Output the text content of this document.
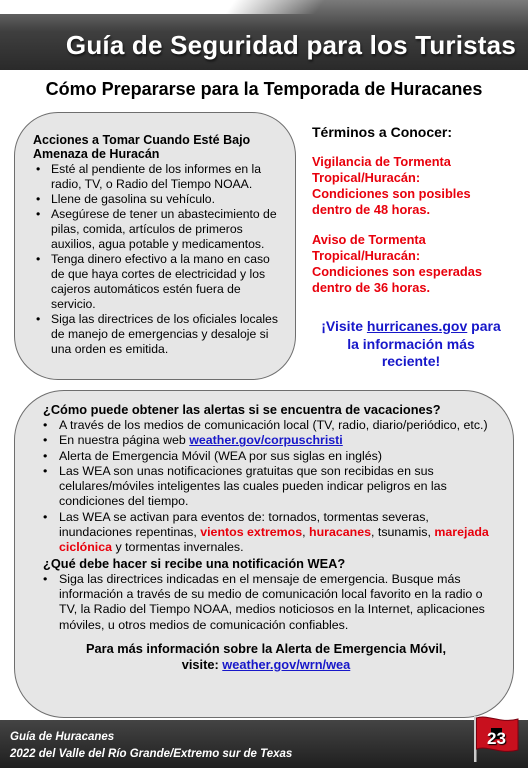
Guía de Seguridad para los Turistas
Cómo Prepararse para la Temporada de Huracanes
Acciones a Tomar Cuando Esté Bajo
Amenaza de Huracán
• Esté al pendiente de los informes en la radio, TV, o Radio del Tiempo NOAA.
• Llene de gasolina su vehículo.
• Asegúrese de tener un abastecimiento de pilas, comida, artículos de primeros auxilios, agua potable y medicamentos.
• Tenga dinero efectivo a la mano en caso de que haya cortes de electricidad y los cajeros automáticos estén fuera de servicio.
• Siga las directrices de los oficiales locales de manejo de emergencias y desaloje si una orden es emitida.
Términos a Conocer:
Vigilancia de Tormenta
Tropical/Huracán:
Condiciones son posibles
dentro de 48 horas.
Aviso de Tormenta
Tropical/Huracán:
Condiciones son esperadas
dentro de 36 horas.
¡Visite hurricanes.gov para
la información más
reciente!
¿Cómo puede obtener las alertas si se encuentra de vacaciones?
• A través de los medios de comunicación local (TV, radio, diario/periódico, etc.)
• En nuestra página web weather.gov/corpuschristi
• Alerta de Emergencia Móvil (WEA por sus siglas en inglés)
• Las WEA son unas notificaciones gratuitas que son recibidas en sus celulares/móviles inteligentes las cuales pueden indicar peligros en las condiciones del tiempo.
• Las WEA se activan para eventos de: tornados, tormentas severas, inundaciones repentinas, vientos extremos, huracanes, tsunamis, marejada ciclónica y tormentas invernales.
¿Qué debe hacer si recibe una notificación WEA?
• Siga las directrices indicadas en el mensaje de emergencia. Busque más información a través de su medio de comunicación local favorito en la radio o TV, la Radio del Tiempo NOAA, medios noticiosos en la Internet, aplicaciones móviles, u otros medios de comunicación confiables.
Para más información sobre la Alerta de Emergencia Móvil,
visite: weather.gov/wrn/wea
Guía de Huracanes
2022 del Valle del Río Grande/Extremo sur de Texas
23
